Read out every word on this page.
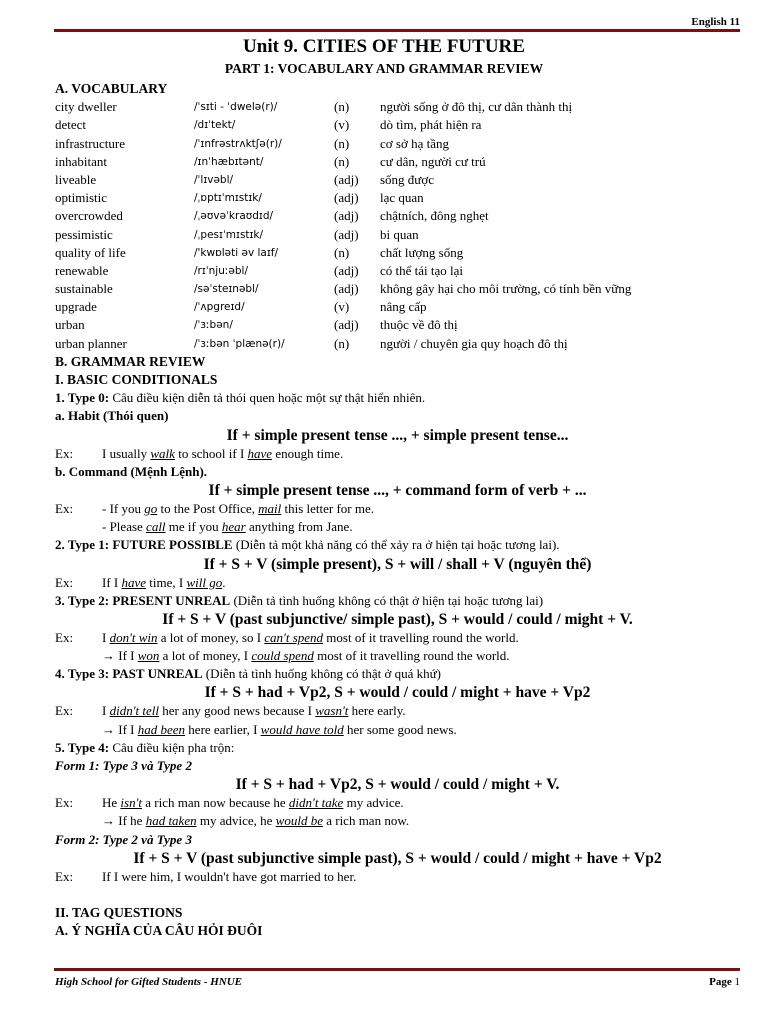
English 11
Unit 9. CITIES OF THE FUTURE
PART 1: VOCABULARY AND GRAMMAR REVIEW
A. VOCABULARY
city dweller	/ˈsɪti - ˈdwelə(r)/	(n) người sống ở đô thị, cư dân thành thị
detect	/dɪˈtekt/	(v) dò tìm, phát hiện ra
infrastructure	/ˈɪnfrəstrʌktʃə(r)/	(n) cơ sở hạ tầng
inhabitant	/ɪnˈhæbɪtənt/	(n) cư dân, người cư trú
liveable	/ˈlɪvəbl/	(adj) sống được
optimistic	/ˌɒptɪˈmɪstɪk/	(adj) lạc quan
overcrowded	/ˌəʊvəˈkraʊdɪd/	(adj) chậtních, đông nghẹt
pessimistic	/ˌpesɪˈmɪstɪk/	(adj) bi quan
quality of life	/'kwɒləti əv laɪf/	(n) chất lượng sống
renewable	/rɪˈnjuːəbl/	(adj) có thể tái tạo lại
sustainable	/səˈsteɪnəbl/	(adj) không gây hại cho môi trường, có tính bền vững
upgrade	/ˈʌpgreɪd/	(v) nâng cấp
urban	/ˈɜːbən/	(adj) thuộc về đô thị
urban planner	/ˈɜːbən ˈplænə(r)/	(n) người / chuyên gia quy hoạch đô thị
B. GRAMMAR REVIEW
I. BASIC CONDITIONALS
1. Type 0: Câu điều kiện diễn tả thói quen hoặc một sự thật hiển nhiên.
a. Habit (Thói quen)
If + simple present tense ..., + simple present tense...
Ex: I usually walk to school if I have enough time.
b. Command (Mệnh Lệnh).
If + simple present tense ..., + command form of verb + ...
Ex: - If you go to the Post Office, mail this letter for me.
- Please call me if you hear anything from Jane.
2. Type 1: FUTURE POSSIBLE (Diễn tả một khả năng có thể xảy ra ở hiện tại hoặc tương lai).
If + S + V (simple present), S + will / shall + V (nguyên thể)
Ex: If I have time, I will go.
3. Type 2: PRESENT UNREAL (Diễn tả tình huống không có thật ở hiện tại hoặc tương lai)
If + S + V (past subjunctive/ simple past), S + would / could / might + V.
Ex: I don't win a lot of money, so I can't spend most of it travelling round the world.
→ If I won a lot of money, I could spend most of it travelling round the world.
4. Type 3: PAST UNREAL (Diễn tả tình huống không có thật ở quá khứ)
If + S + had + Vp2, S + would / could / might + have + Vp2
Ex: I didn't tell her any good news because I wasn't here early.
→ If I had been here earlier, I would have told her some good news.
5. Type 4: Câu điều kiện pha trộn:
Form 1: Type 3 và Type 2
If + S + had + Vp2, S + would / could / might + V.
Ex: He isn't a rich man now because he didn't take my advice.
→ If he had taken my advice, he would be a rich man now.
Form 2: Type 2 và Type 3
If + S + V (past subjunctive simple past), S + would / could / might + have + Vp2
Ex: If I were him, I wouldn't have got married to her.
II. TAG QUESTIONS
A. Ý NGHĨA CỦA CÂU HỎI ĐUÔI
High School for Gifted Students - HNUE	Page 1
